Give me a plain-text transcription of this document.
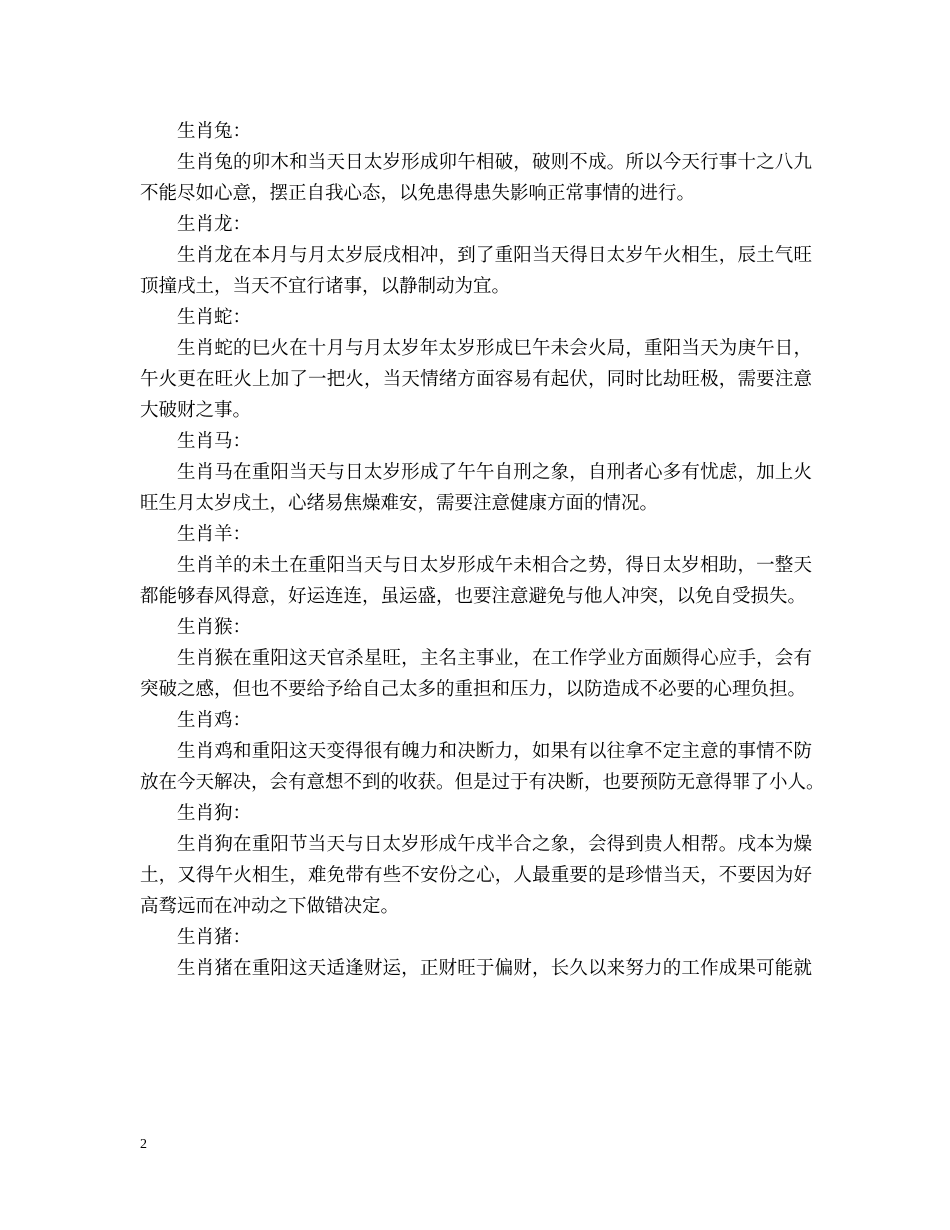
生肖兔：
生肖兔的卯木和当天日太岁形成卯午相破，破则不成。所以今天行事十之八九
不能尽如心意，摆正自我心态，以免患得患失影响正常事情的进行。
生肖龙：
生肖龙在本月与月太岁辰戌相冲，到了重阳当天得日太岁午火相生，辰土气旺
顶撞戌土，当天不宜行诸事，以静制动为宜。
生肖蛇：
生肖蛇的巳火在十月与月太岁年太岁形成巳午未会火局，重阳当天为庚午日，
午火更在旺火上加了一把火，当天情绪方面容易有起伏，同时比劫旺极，需要注意
大破财之事。
生肖马：
生肖马在重阳当天与日太岁形成了午午自刑之象，自刑者心多有忧虑，加上火
旺生月太岁戌土，心绪易焦燥难安，需要注意健康方面的情况。
生肖羊：
生肖羊的未土在重阳当天与日太岁形成午未相合之势，得日太岁相助，一整天
都能够春风得意，好运连连，虽运盛，也要注意避免与他人冲突，以免自受损失。
生肖猴：
生肖猴在重阳这天官杀星旺，主名主事业，在工作学业方面颇得心应手，会有
突破之感，但也不要给予给自己太多的重担和压力，以防造成不必要的心理负担。
生肖鸡：
生肖鸡和重阳这天变得很有魄力和决断力，如果有以往拿不定主意的事情不防
放在今天解决，会有意想不到的收获。但是过于有决断，也要预防无意得罪了小人。
生肖狗：
生肖狗在重阳节当天与日太岁形成午戌半合之象，会得到贵人相帮。戌本为燥
土，又得午火相生，难免带有些不安份之心，人最重要的是珍惜当天，不要因为好
高骛远而在冲动之下做错决定。
生肖猪：
生肖猪在重阳这天适逢财运，正财旺于偏财，长久以来努力的工作成果可能就
2
